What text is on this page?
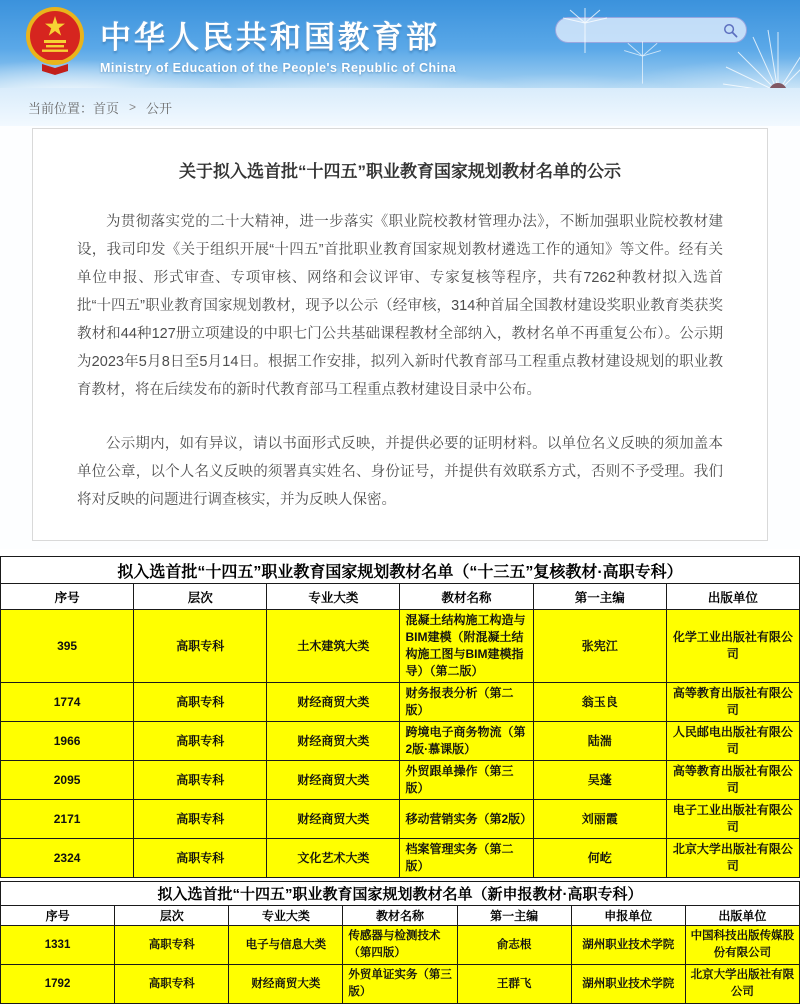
中华人民共和国教育部
Ministry of Education of the People's Republic of China
当前位置： 首页 > 公开
关于拟入选首批“十四五”职业教育国家规划教材名单的公示

为贯彻落实党的二十大精神，进一步落实《职业院校教材管理办法》，不断加强职业院校教材建设，我司印发《关于组织开展“十四五”首批职业教育国家规划教材遴选工作的通知》等文件。经有关单位申报、形式审查、专项审核、网络和会议评审、专家复核等程序，共有7262种教材拟入选首批“十四五”职业教育国家规划教材，现予以公示（经审核，314种首届全国教材建设奖职业教育类获奖教材和44种127册立项建设的中职七门公共基础课程教材全部纳入，教材名单不再重复公布）。公示期为2023年5月8日至5月14日。根据工作安排，拟列入新时代教育部马工程重点教材建设规划的职业教育教材，将在后续发布的新时代教育部马工程重点教材建设目录中公布。

公示期内，如有异议，请以书面形式反映，并提供必要的证明材料。以单位名义反映的须加盖本单位公章，以个人名义反映的须署真实姓名、身份证号，并提供有效联系方式，否则不予受理。我们将对反映的问题进行调查核实，并为反映人保密。

拟入选首批“十四五”职业教育国家规划教材名单（“十三五”复核教材·高职专科）					
序号	层次	专业大类	教材名称	第一主编	出版单位
395	高职专科	土木建筑大类	混凝土结构施工构造与BIM建模（附混凝土结构施工图与BIM建模指导）（第二版）	张宪江	化学工业出版社有限公司
1774	高职专科	财经商贸大类	财务报表分析（第二版）	翁玉良	高等教育出版社有限公司
1966	高职专科	财经商贸大类	跨境电子商务物流（第2版·慕课版）	陆湍	人民邮电出版社有限公司
2095	高职专科	财经商贸大类	外贸跟单操作（第三版）	吴蓬	高等教育出版社有限公司
2171	高职专科	财经商贸大类	移动营销实务（第2版）	刘丽霞	电子工业出版社有限公司
2324	高职专科	文化艺术大类	档案管理实务（第二版）	何屹	北京大学出版社有限公司
拟入选首批“十四五”职业教育国家规划教材名单（新申报教材·高职专科）						
序号	层次	专业大类	教材名称	第一主编	申报单位	出版单位
1331	高职专科	电子与信息大类	传感器与检测技术（第四版）	俞志根	湖州职业技术学院	中国科技出版传媒股份有限公司
1792	高职专科	财经商贸大类	外贸单证实务（第三版）	王群飞	湖州职业技术学院	北京大学出版社有限公司
